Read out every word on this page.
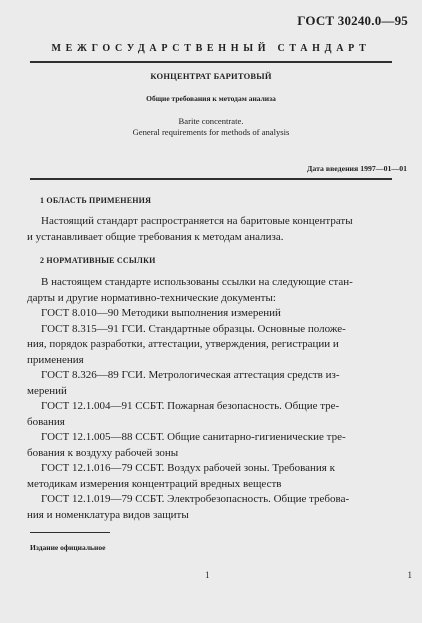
ГОСТ 30240.0—95
МЕЖГОСУДАРСТВЕННЫЙ СТАНДАРТ
КОНЦЕНТРАТ БАРИТОВЫЙ
Общие требования к методам анализа
Barite concentrate.
General requirements for methods of analysis
Дата введения 1997—01—01
1 ОБЛАСТЬ ПРИМЕНЕНИЯ
Настоящий стандарт распространяется на баритовые концентраты
и устанавливает общие требования к методам анализа.
2 НОРМАТИВНЫЕ ССЫЛКИ
В настоящем стандарте использованы ссылки на следующие стан-
дарты и другие нормативно-технические документы:
ГОСТ 8.010—90 Методики выполнения измерений
ГОСТ 8.315—91 ГСИ. Стандартные образцы. Основные положе-
ния, порядок разработки, аттестации, утверждения, регистрации и
применения
ГОСТ 8.326—89 ГСИ. Метрологическая аттестация средств из-
мерений
ГОСТ 12.1.004—91 ССБТ. Пожарная безопасность. Общие тре-
бования
ГОСТ 12.1.005—88 ССБТ. Общие санитарно-гигиенические тре-
бования к воздуху рабочей зоны
ГОСТ 12.1.016—79 ССБТ. Воздух рабочей зоны. Требования к
методикам измерения концентраций вредных веществ
ГОСТ 12.1.019—79 ССБТ. Электробезопасность. Общие требова-
ния и номенклатура видов защиты
Издание официальное
1	1
